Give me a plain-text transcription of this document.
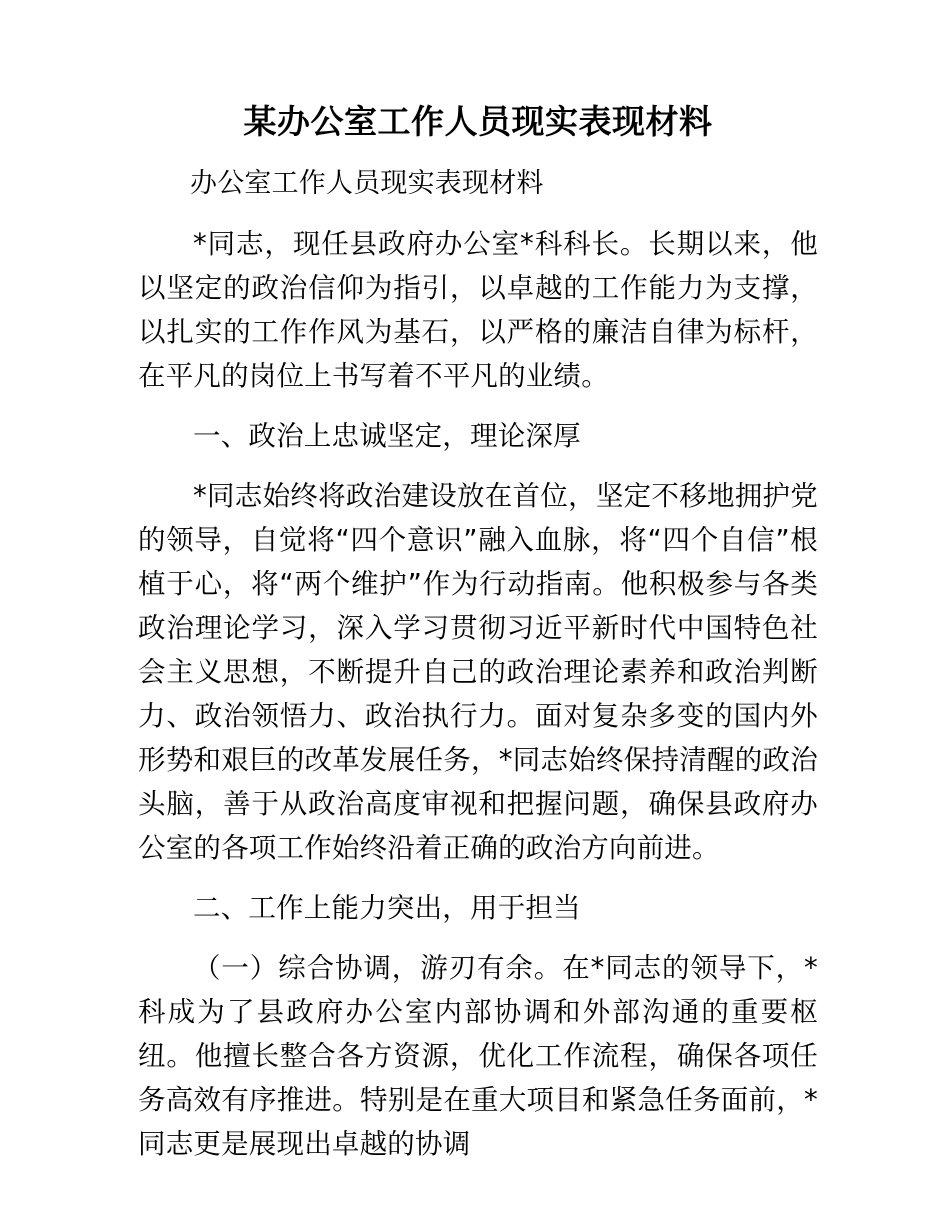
某办公室工作人员现实表现材料

办公室工作人员现实表现材料

*同志，现任县政府办公室*科科长。长期以来，他以坚定的政治信仰为指引，以卓越的工作能力为支撑，以扎实的工作作风为基石，以严格的廉洁自律为标杆，在平凡的岗位上书写着不平凡的业绩。

一、政治上忠诚坚定，理论深厚

*同志始终将政治建设放在首位，坚定不移地拥护党的领导，自觉将“四个意识”融入血脉，将“四个自信”根植于心，将“两个维护”作为行动指南。他积极参与各类政治理论学习，深入学习贯彻习近平新时代中国特色社会主义思想，不断提升自己的政治理论素养和政治判断力、政治领悟力、政治执行力。面对复杂多变的国内外形势和艰巨的改革发展任务，*同志始终保持清醒的政治头脑，善于从政治高度审视和把握问题，确保县政府办公室的各项工作始终沿着正确的政治方向前进。

二、工作上能力突出，用于担当

（一）综合协调，游刃有余。在*同志的领导下，*科成为了县政府办公室内部协调和外部沟通的重要枢纽。他擅长整合各方资源，优化工作流程，确保各项任务高效有序推进。特别是在重大项目和紧急任务面前，*同志更是展现出卓越的协调
